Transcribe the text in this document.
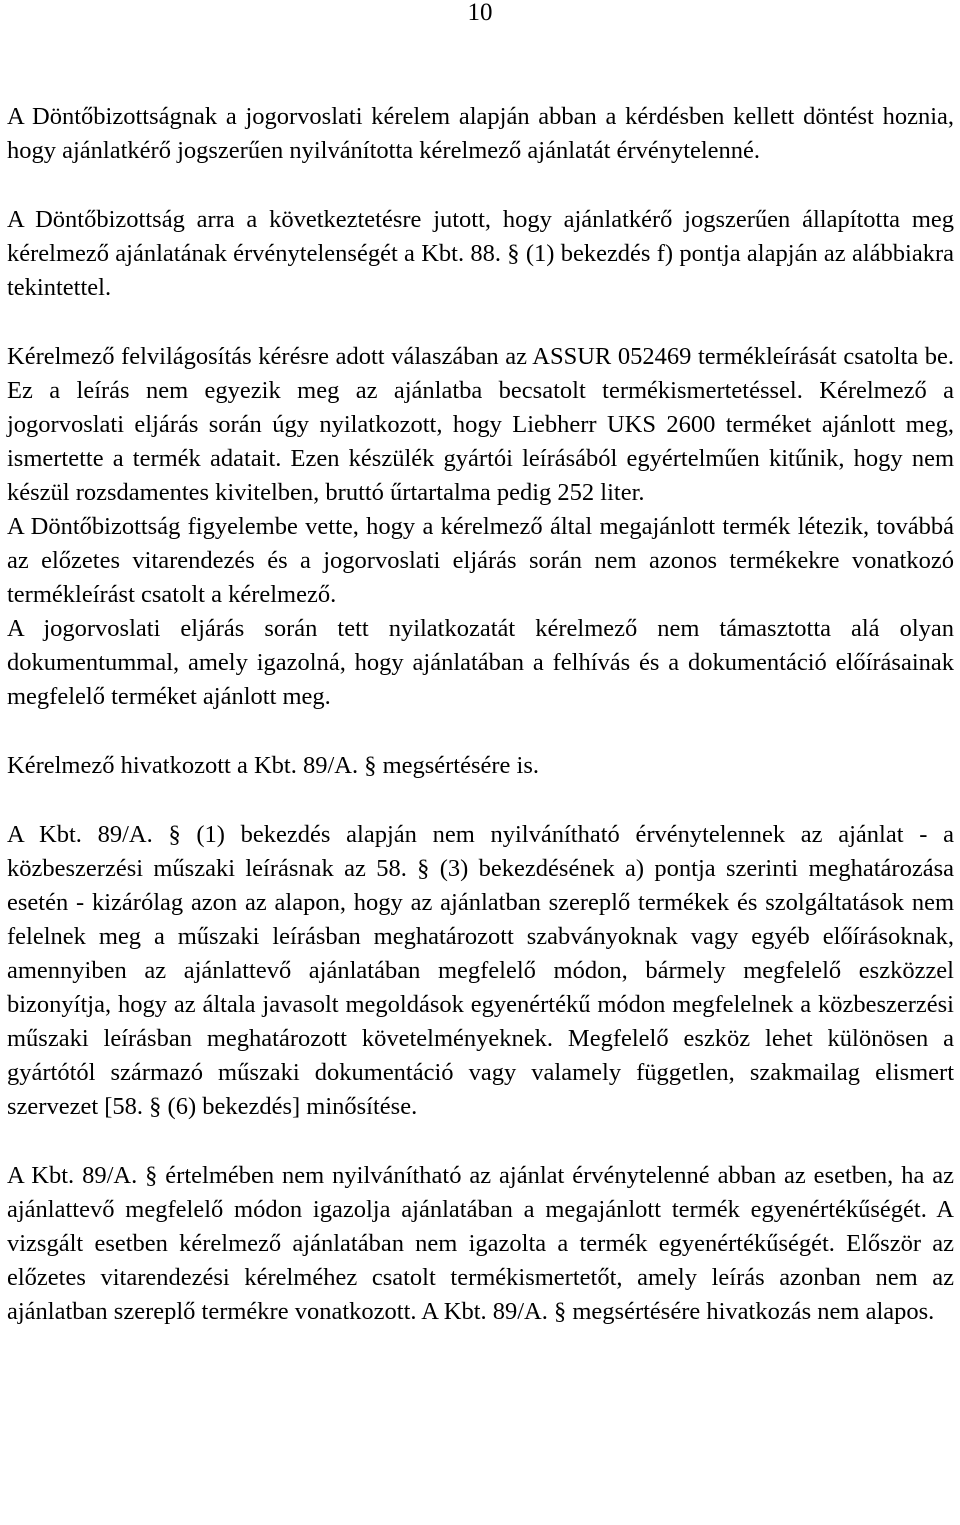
10

A Döntőbizottságnak a jogorvoslati kérelem alapján abban a kérdésben kellett döntést hoznia, hogy ajánlatkérő jogszerűen nyilvánította kérelmező ajánlatát érvénytelenné.

A Döntőbizottság arra a következtetésre jutott, hogy ajánlatkérő jogszerűen állapította meg kérelmező ajánlatának érvénytelenségét a Kbt. 88. § (1) bekezdés f) pontja alapján az alábbiakra tekintettel.

Kérelmező felvilágosítás kérésre adott válaszában az ASSUR 052469 termékleírását csatolta be. Ez a leírás nem egyezik meg az ajánlatba becsatolt termékismertetéssel. Kérelmező a jogorvoslati eljárás során úgy nyilatkozott, hogy Liebherr UKS 2600 terméket ajánlott meg, ismertette a termék adatait. Ezen készülék gyártói leírásából egyértelműen kitűnik, hogy nem készül rozsdamentes kivitelben, bruttó űrtartalma pedig 252 liter.

A Döntőbizottság figyelembe vette, hogy a kérelmező által megajánlott termék létezik, továbbá az előzetes vitarendezés és a jogorvoslati eljárás során nem azonos termékekre vonatkozó termékleírást csatolt a kérelmező.

A jogorvoslati eljárás során tett nyilatkozatát kérelmező nem támasztotta alá olyan dokumentummal, amely igazolná, hogy ajánlatában a felhívás és a dokumentáció előírásainak megfelelő terméket ajánlott meg.

Kérelmező hivatkozott a Kbt. 89/A. § megsértésére is.

A Kbt. 89/A. § (1) bekezdés alapján nem nyilvánítható érvénytelennek az ajánlat - a közbeszerzési műszaki leírásnak az 58. § (3) bekezdésének a) pontja szerinti meghatározása esetén - kizárólag azon az alapon, hogy az ajánlatban szereplő termékek és szolgáltatások nem felelnek meg a műszaki leírásban meghatározott szabványoknak vagy egyéb előírásoknak, amennyiben az ajánlattevő ajánlatában megfelelő módon, bármely megfelelő eszközzel bizonyítja, hogy az általa javasolt megoldások egyenértékű módon megfelelnek a közbeszerzési műszaki leírásban meghatározott követelményeknek. Megfelelő eszköz lehet különösen a gyártótól származó műszaki dokumentáció vagy valamely független, szakmailag elismert szervezet [58. § (6) bekezdés] minősítése.

A Kbt. 89/A. § értelmében nem nyilvánítható az ajánlat érvénytelenné abban az esetben, ha az ajánlattevő megfelelő módon igazolja ajánlatában a megajánlott termék egyenértékűségét. A vizsgált esetben kérelmező ajánlatában nem igazolta a termék egyenértékűségét. Először az előzetes vitarendezési kérelméhez csatolt termékismertetőt, amely leírás azonban nem az ajánlatban szereplő termékre vonatkozott. A Kbt. 89/A. § megsértésére hivatkozás nem alapos.
